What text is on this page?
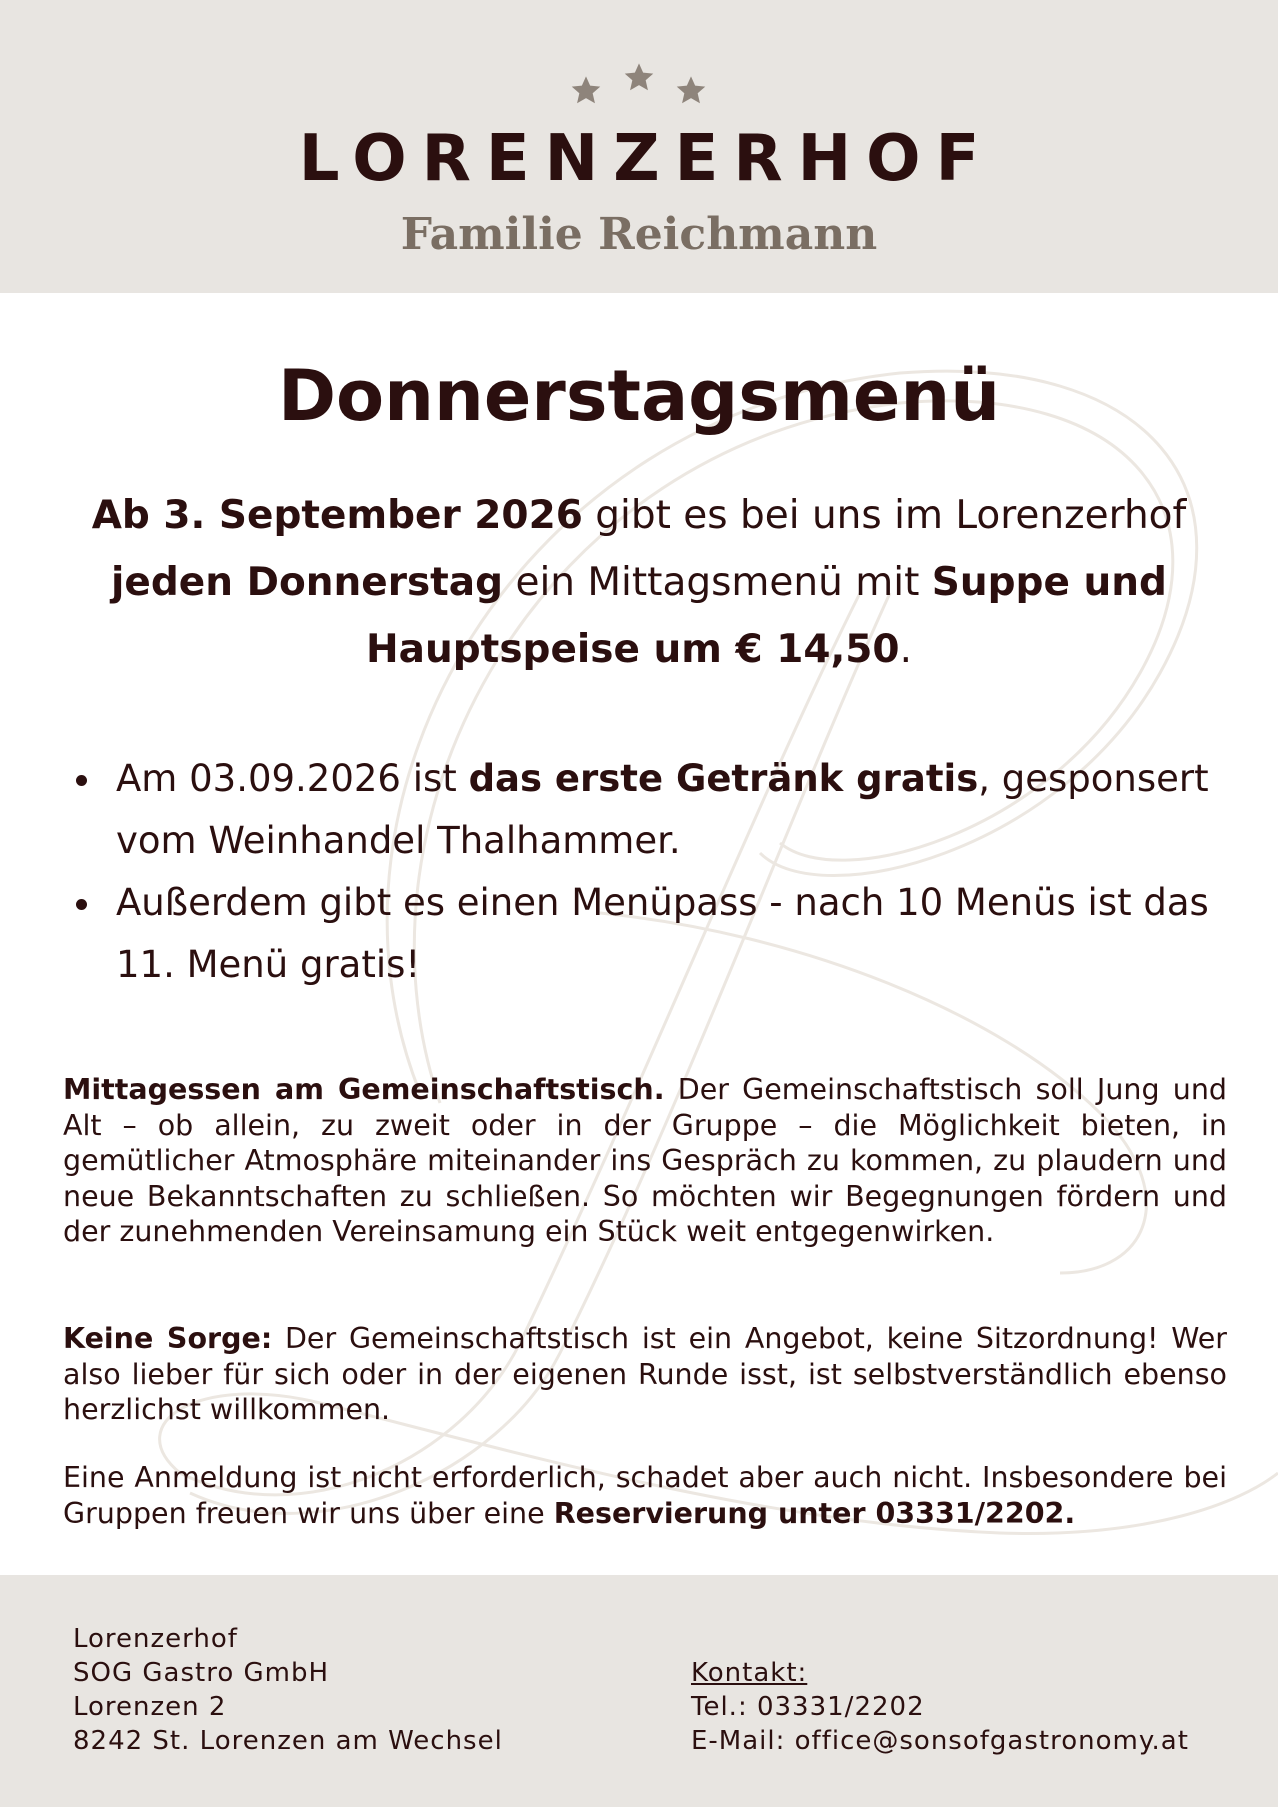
LORENZERHOF
Familie Reichmann
Donnerstagsmenü
Ab 3. September 2026 gibt es bei uns im Lorenzerhof jeden Donnerstag ein Mittagsmenü mit Suppe und Hauptspeise um € 14,50.
Am 03.09.2026 ist das erste Getränk gratis, gesponsert vom Weinhandel Thalhammer.
Außerdem gibt es einen Menüpass - nach 10 Menüs ist das 11. Menü gratis!

Mittagessen am Gemeinschaftstisch. Der Gemeinschaftstisch soll Jung und Alt – ob allein, zu zweit oder in der Gruppe – die Möglichkeit bieten, in gemütlicher Atmosphäre miteinander ins Gespräch zu kommen, zu plaudern und neue Bekanntschaften zu schließen. So möchten wir Begegnungen fördern und der zunehmenden Vereinsamung ein Stück weit entgegenwirken.

Keine Sorge: Der Gemeinschaftstisch ist ein Angebot, keine Sitzordnung! Wer also lieber für sich oder in der eigenen Runde isst, ist selbstverständlich ebenso herzlichst willkommen.

Eine Anmeldung ist nicht erforderlich, schadet aber auch nicht. Insbesondere bei Gruppen freuen wir uns über eine Reservierung unter 03331/2202.

Lorenzerhof
SOG Gastro GmbH
Lorenzen 2
8242 St. Lorenzen am Wechsel
Kontakt:
Tel.: 03331/2202
E-Mail: office@sonsofgastronomy.at
